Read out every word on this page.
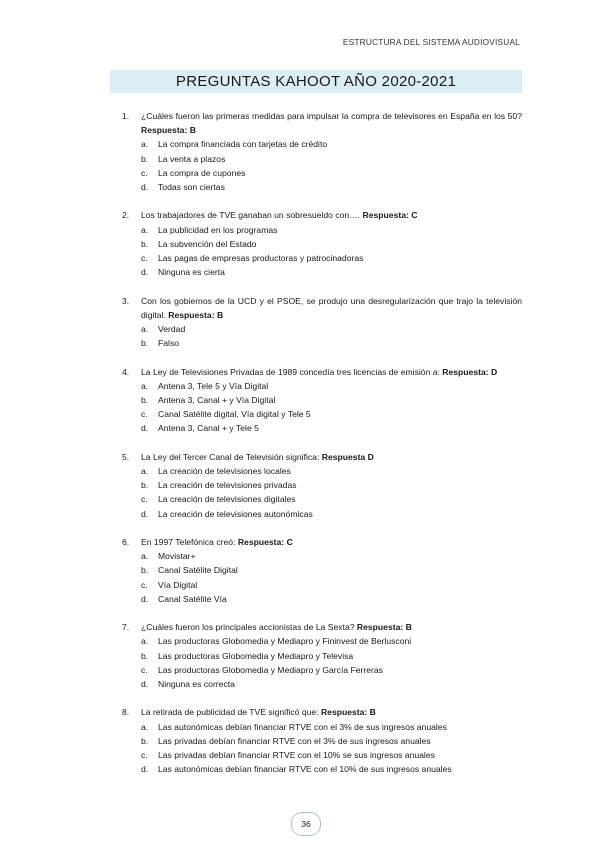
ESTRUCTURA DEL SISTEMA AUDIOVISUAL
PREGUNTAS KAHOOT AÑO 2020-2021
1.	¿Cuáles fueron las primeras medidas para impulsar la compra de televisores en España en los 50? Respuesta: B
a.	La compra financiada con tarjetas de crédito
b.	La venta a plazos
c.	La compra de cupones
d.	Todas son ciertas
2.	Los trabajadores de TVE ganaban un sobresueldo con…. Respuesta: C
a.	La publicidad en los programas
b.	La subvención del Estado
c.	Las pagas de empresas productoras y patrocinadoras
d.	Ninguna es cierta
3.	Con los gobiernos de la UCD y el PSOE, se produjo una desregularización que trajo la televisión digital. Respuesta: B
a.	Verdad
b.	Falso
4.	La Ley de Televisiones Privadas de 1989 concedía tres licencias de emisión a: Respuesta: D
a.	Antena 3, Tele 5 y Vía Digital
b.	Antena 3, Canal + y Vía Digital
c.	Canal Satélite digital, Vía digital y Tele 5
d.	Antena 3, Canal + y Tele 5
5.	La Ley del Tercer Canal de Televisión significa: Respuesta D
a.	La creación de televisiones locales
b.	La creación de televisiones privadas
c.	La creación de televisiones digitales
d.	La creación de televisiones autonómicas
6.	En 1997 Telefónica creó: Respuesta: C
a.	Movistar+
b.	Canal Satélite Digital
c.	Vía Digital
d.	Canal Satélite Vía
7.	¿Cuáles fueron los principales accionistas de La Sexta? Respuesta: B
a.	Las productoras Globomedia y Mediapro y Fininvest de Berlusconi
b.	Las productoras Globomedia y Mediapro y Televisa
c.	Las productoras Globomedia y Mediapro y García Ferreras
d.	Ninguna es correcta
8.	La retirada de publicidad de TVE significó que: Respuesta: B
a.	Las autonómicas debían financiar RTVE con el 3% de sus ingresos anuales
b.	Las privadas debían financiar RTVE con el 3% de sus ingresos anuales
c.	Las privadas debían financiar RTVE con el 10% se sus ingresos anuales
d.	Las autonómicas debían financiar RTVE con el 10% de sus ingresos anuales
36
